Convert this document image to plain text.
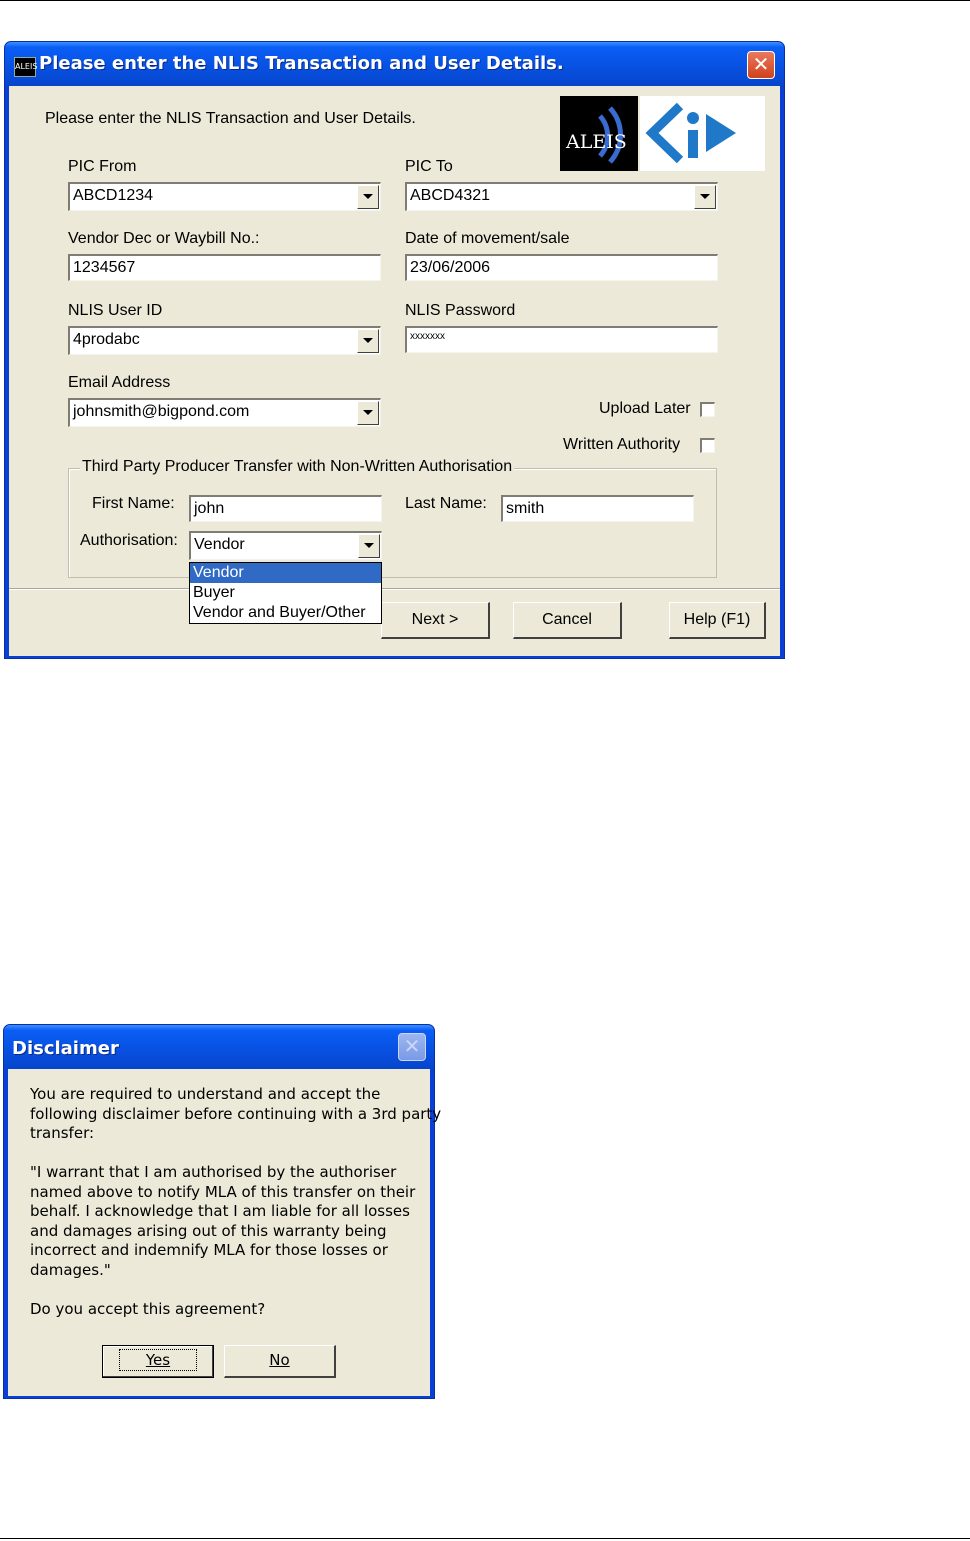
ALEIS Please enter the NLIS Transaction and User Details.	✕
Please enter the NLIS Transaction and User Details.
ALEIS
iD
PIC From
ABCD1234
PIC To
ABCD4321
Vendor Dec or Waybill No.:
1234567
Date of movement/sale
23/06/2006
NLIS User ID
4prodabc
NLIS Password
xxxxxxx
Email Address
johnsmith@bigpond.com	Upload Later
Written Authority
Third Party Producer Transfer with Non-Written Authorisation
First Name:	john	Last Name:	smith
Authorisation:	Vendor
Next >	Cancel	Help (F1)
Vendor
Buyer
Vendor and Buyer/Other
Disclaimer	✕
You are required to understand and accept the
following disclaimer before continuing with a 3rd party
transfer:
"I warrant that I am authorised by the authoriser
named above to notify MLA of this transfer on their
behalf. I acknowledge that I am liable for all losses
and damages arising out of this warranty being
incorrect and indemnify MLA for those losses or
damages."
Do you accept this agreement?
Yes	No
